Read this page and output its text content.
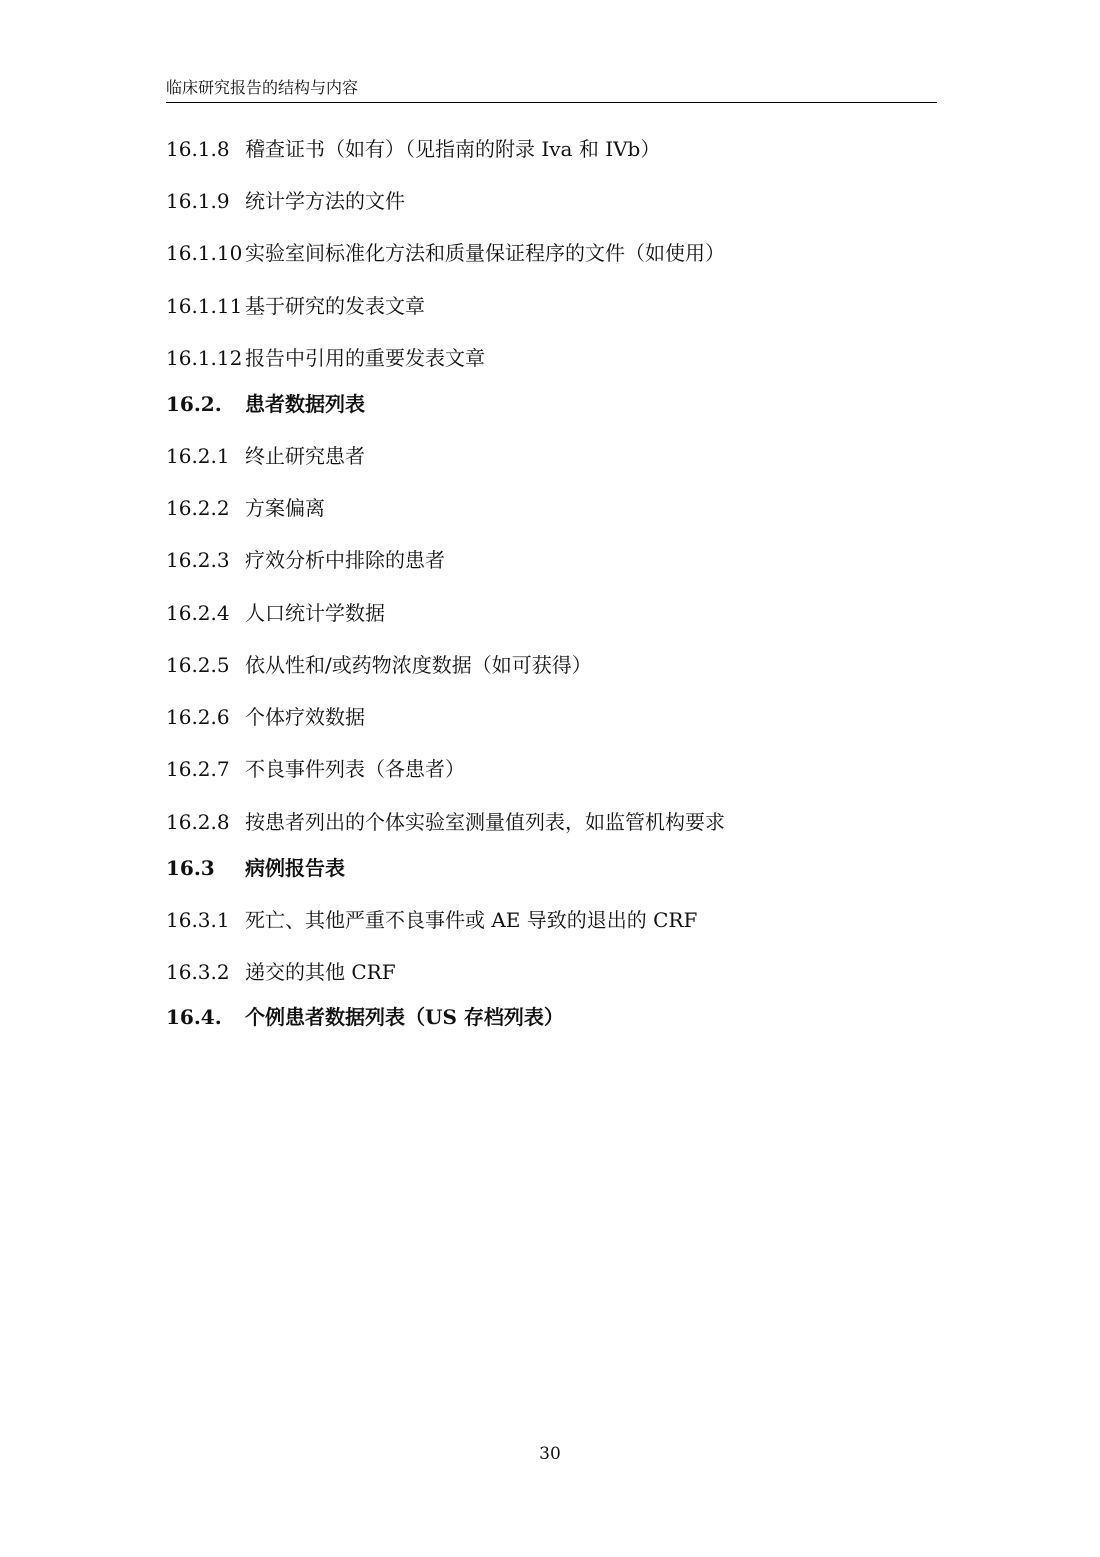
临床研究报告的结构与内容
16.1.8 稽查证书（如有）（见指南的附录 Iva 和 IVb）
16.1.9 统计学方法的文件
16.1.10 实验室间标准化方法和质量保证程序的文件（如使用）
16.1.11 基于研究的发表文章
16.1.12 报告中引用的重要发表文章
16.2. 患者数据列表
16.2.1 终止研究患者
16.2.2 方案偏离
16.2.3 疗效分析中排除的患者
16.2.4 人口统计学数据
16.2.5 依从性和/或药物浓度数据（如可获得）
16.2.6 个体疗效数据
16.2.7 不良事件列表（各患者）
16.2.8 按患者列出的个体实验室测量值列表，如监管机构要求
16.3 病例报告表
16.3.1 死亡、其他严重不良事件或 AE 导致的退出的 CRF
16.3.2 递交的其他 CRF
16.4. 个例患者数据列表（US 存档列表）
30
